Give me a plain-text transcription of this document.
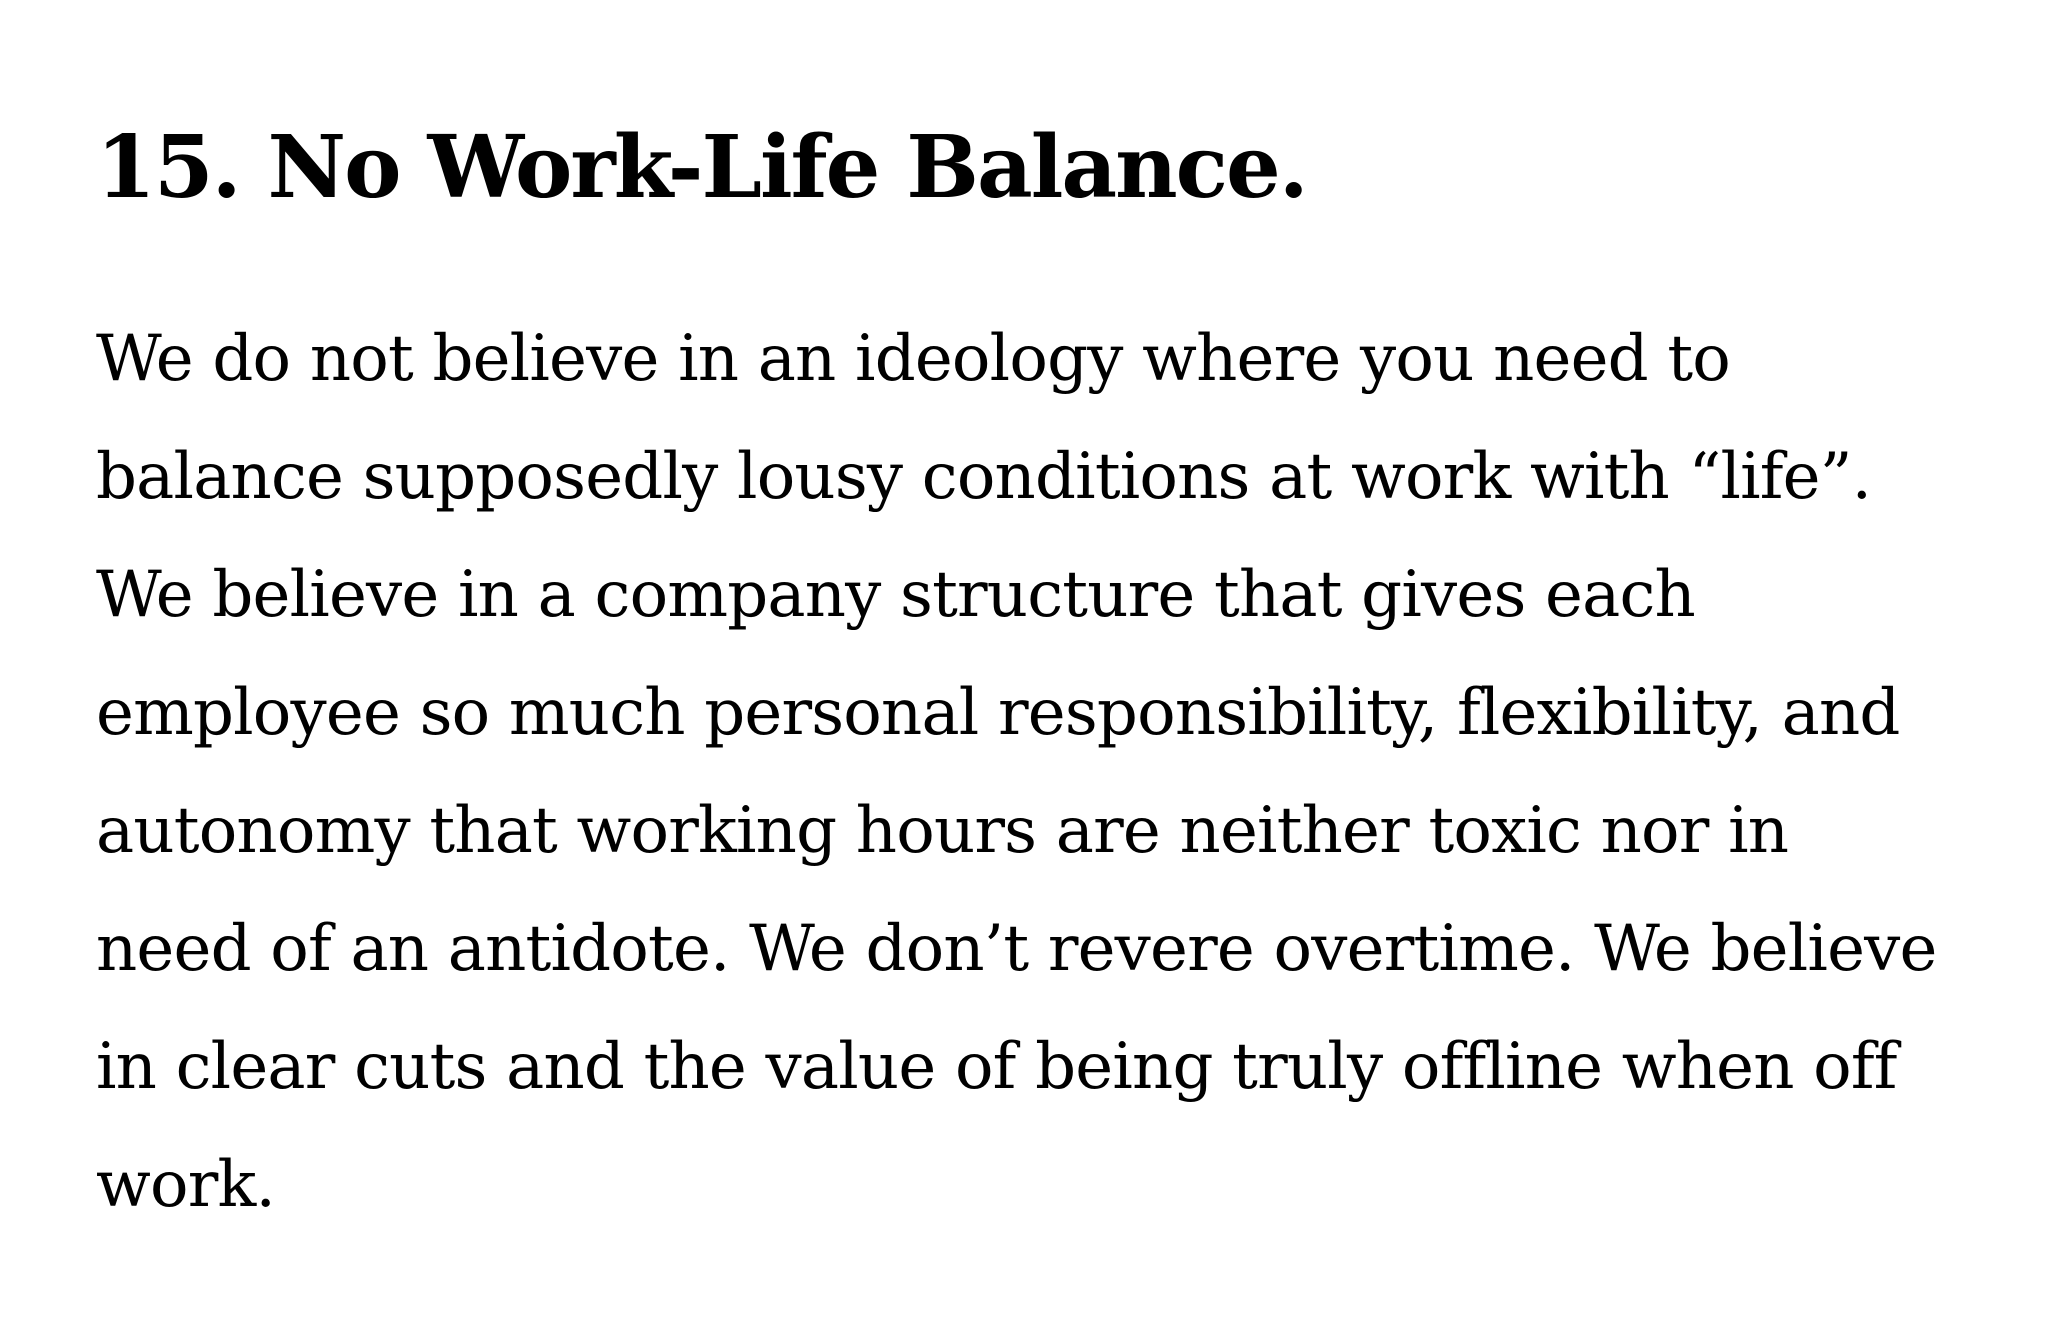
15. No Work-Life Balance.

We do not believe in an ideology where you need to
balance supposedly lousy conditions at work with “life”.
We believe in a company structure that gives each
employee so much personal responsibility, flexibility, and
autonomy that working hours are neither toxic nor in
need of an antidote. We don’t revere overtime. We believe
in clear cuts and the value of being truly offline when off
work.
